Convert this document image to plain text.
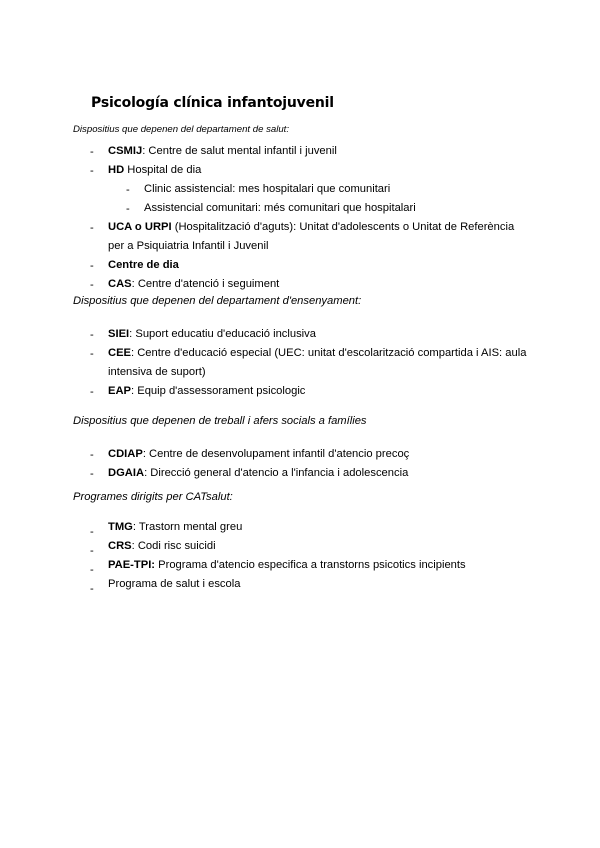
Psicología clínica infantojuvenil
Dispositius que depenen del departament de salut:
- CSMIJ: Centre de salut mental infantil i juvenil
- HD Hospital de dia
- Clinic assistencial: mes hospitalari que comunitari
- Assistencial comunitari: més comunitari que hospitalari
- UCA o URPI (Hospitalització d'aguts): Unitat d'adolescents o Unitat de Referència
per a Psiquiatria Infantil i Juvenil
- Centre de dia
- CAS: Centre d'atenció i seguiment
Dispositius que depenen del departament d'ensenyament:
- SIEI: Suport educatiu d'educació inclusiva
- CEE: Centre d'educació especial (UEC: unitat d'escolarització compartida i AIS: aula
intensiva de suport)
- EAP: Equip d'assessorament psicologic
Dispositius que depenen de treball i afers socials a famílies
- CDIAP: Centre de desenvolupament infantil d'atencio precoç
- DGAIA: Direcció general d'atencio a l'infancia i adolescencia
Programes dirigits per CATsalut:
- TMG: Trastorn mental greu
- CRS: Codi risc suicidi
- PAE-TPI: Programa d'atencio especifica a transtorns psicotics incipients
- Programa de salut i escola
